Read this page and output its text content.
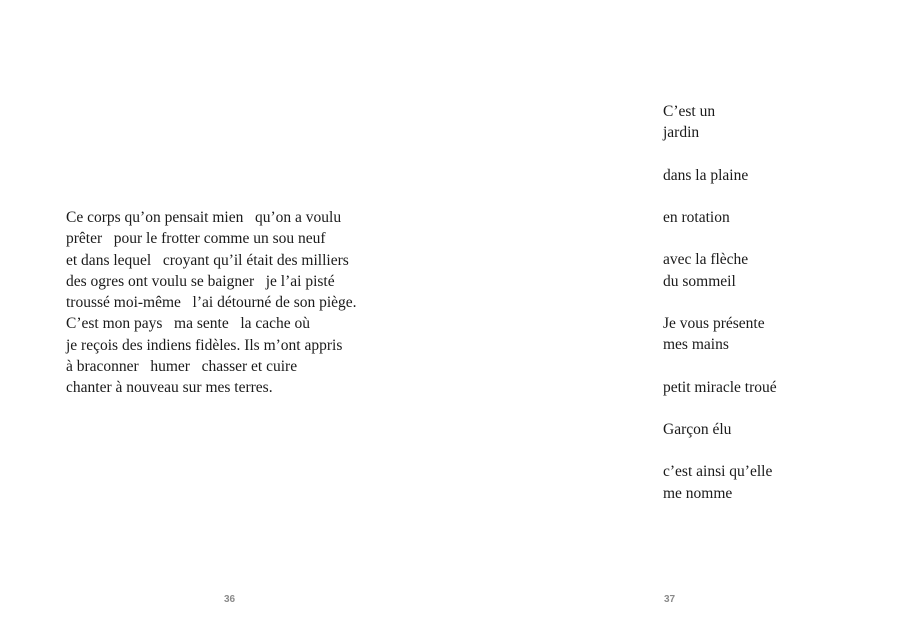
Ce corps qu’on pensait mien   qu’on a voulu
prêter   pour le frotter comme un sou neuf
et dans lequel   croyant qu’il était des milliers
des ogres ont voulu se baigner   je l’ai pisté
troussé moi-même   l’ai détourné de son piège.
C’est mon pays   ma sente   la cache où
je reçois des indiens fidèles. Ils m’ont appris
à braconner   humer   chasser et cuire
chanter à nouveau sur mes terres.
36
C’est un
jardin
dans la plaine
en rotation
avec la flèche
du sommeil
Je vous présente
mes mains
petit miracle troué
Garçon élu
c’est ainsi qu’elle
me nomme
37
